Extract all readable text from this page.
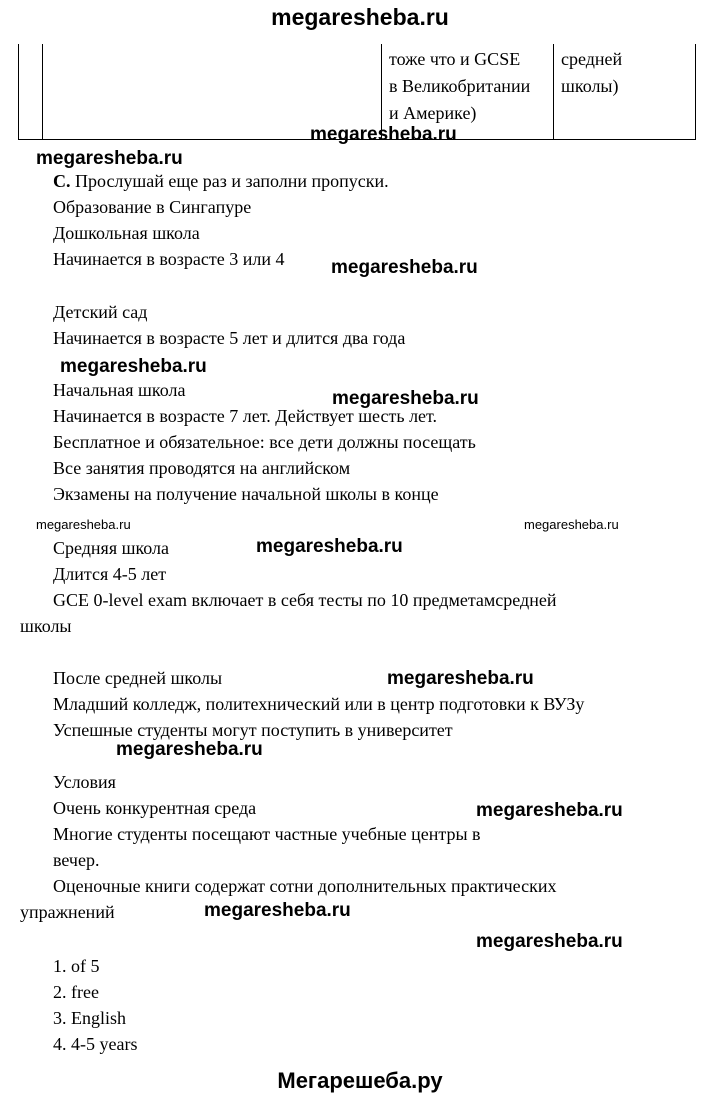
megaresheba.ru
тоже что и GCSE
в Великобритании
и Америке)
средней
школы)
megaresheba.ru
megaresheba.ru
megaresheba.ru
megaresheba.ru
megaresheba.ru
megaresheba.ru	megaresheba.ru
megaresheba.ru
megaresheba.ru
megaresheba.ru
megaresheba.ru
megaresheba.ru
megaresheba.ru
C. Прослушай еще раз и заполни пропуски.
Образование в Сингапуре
Дошкольная школа
Начинается в возрасте 3 или 4
Детский сад
Начинается в возрасте 5 лет и длится два года
Начальная школа
Начинается в возрасте 7 лет. Действует шесть лет.
Бесплатное и обязательное: все дети должны посещать
Все занятия проводятся на английском
Экзамены на получение начальной школы в конце
Средняя школа
Длится 4-5 лет
GCE 0-level exam включает в себя тесты по 10 предметамсредней
школы
После средней школы
Младший колледж, политехнический или в центр подготовки к ВУЗу
Успешные студенты могут поступить в университет
Условия
Очень конкурентная среда
Многие студенты посещают частные учебные центры в
вечер.
Оценочные книги содержат сотни дополнительных практических
упражнений
1. of 5
2. free
3. English
4. 4-5 years
Мегарешеба.ру
